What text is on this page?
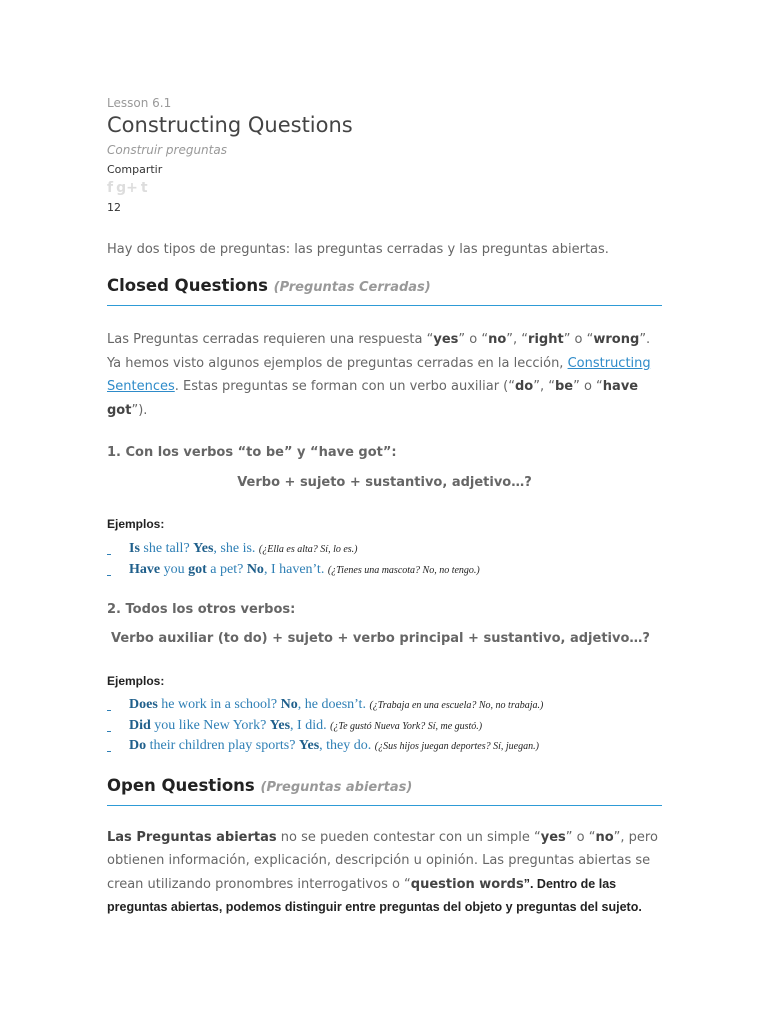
Lesson 6.1

Constructing Questions

Construir preguntas

Compartir

f g+ t

12

Hay dos tipos de preguntas: las preguntas cerradas y las preguntas abiertas.

Closed Questions (Preguntas Cerradas)

Las Preguntas cerradas requieren una respuesta “yes” o “no”, “right” o “wrong”. Ya hemos visto algunos ejemplos de preguntas cerradas en la lección, Constructing Sentences. Estas preguntas se forman con un verbo auxiliar (“do”, “be” o “have got”).

1. Con los verbos “to be” y “have got”:

Verbo + sujeto + sustantivo, adjetivo…?

Ejemplos:

Is she tall? Yes, she is. (¿Ella es alta? Sí, lo es.)
Have you got a pet? No, I haven’t. (¿Tienes una mascota? No, no tengo.)

2. Todos los otros verbos:

Verbo auxiliar (to do) + sujeto + verbo principal + sustantivo, adjetivo…?

Ejemplos:

Does he work in a school? No, he doesn’t. (¿Trabaja en una escuela? No, no trabaja.)
Did you like New York? Yes, I did. (¿Te gustó Nueva York? Sí, me gustó.)
Do their children play sports? Yes, they do. (¿Sus hijos juegan deportes? Sí, juegan.)
Open Questions (Preguntas abiertas)

Las Preguntas abiertas no se pueden contestar con un simple “yes” o “no”, pero obtienen información, explicación, descripción u opinión. Las preguntas abiertas se crean utilizando pronombres interrogativos o “question words”. Dentro de las preguntas abiertas, podemos distinguir entre preguntas del objeto y preguntas del sujeto.
